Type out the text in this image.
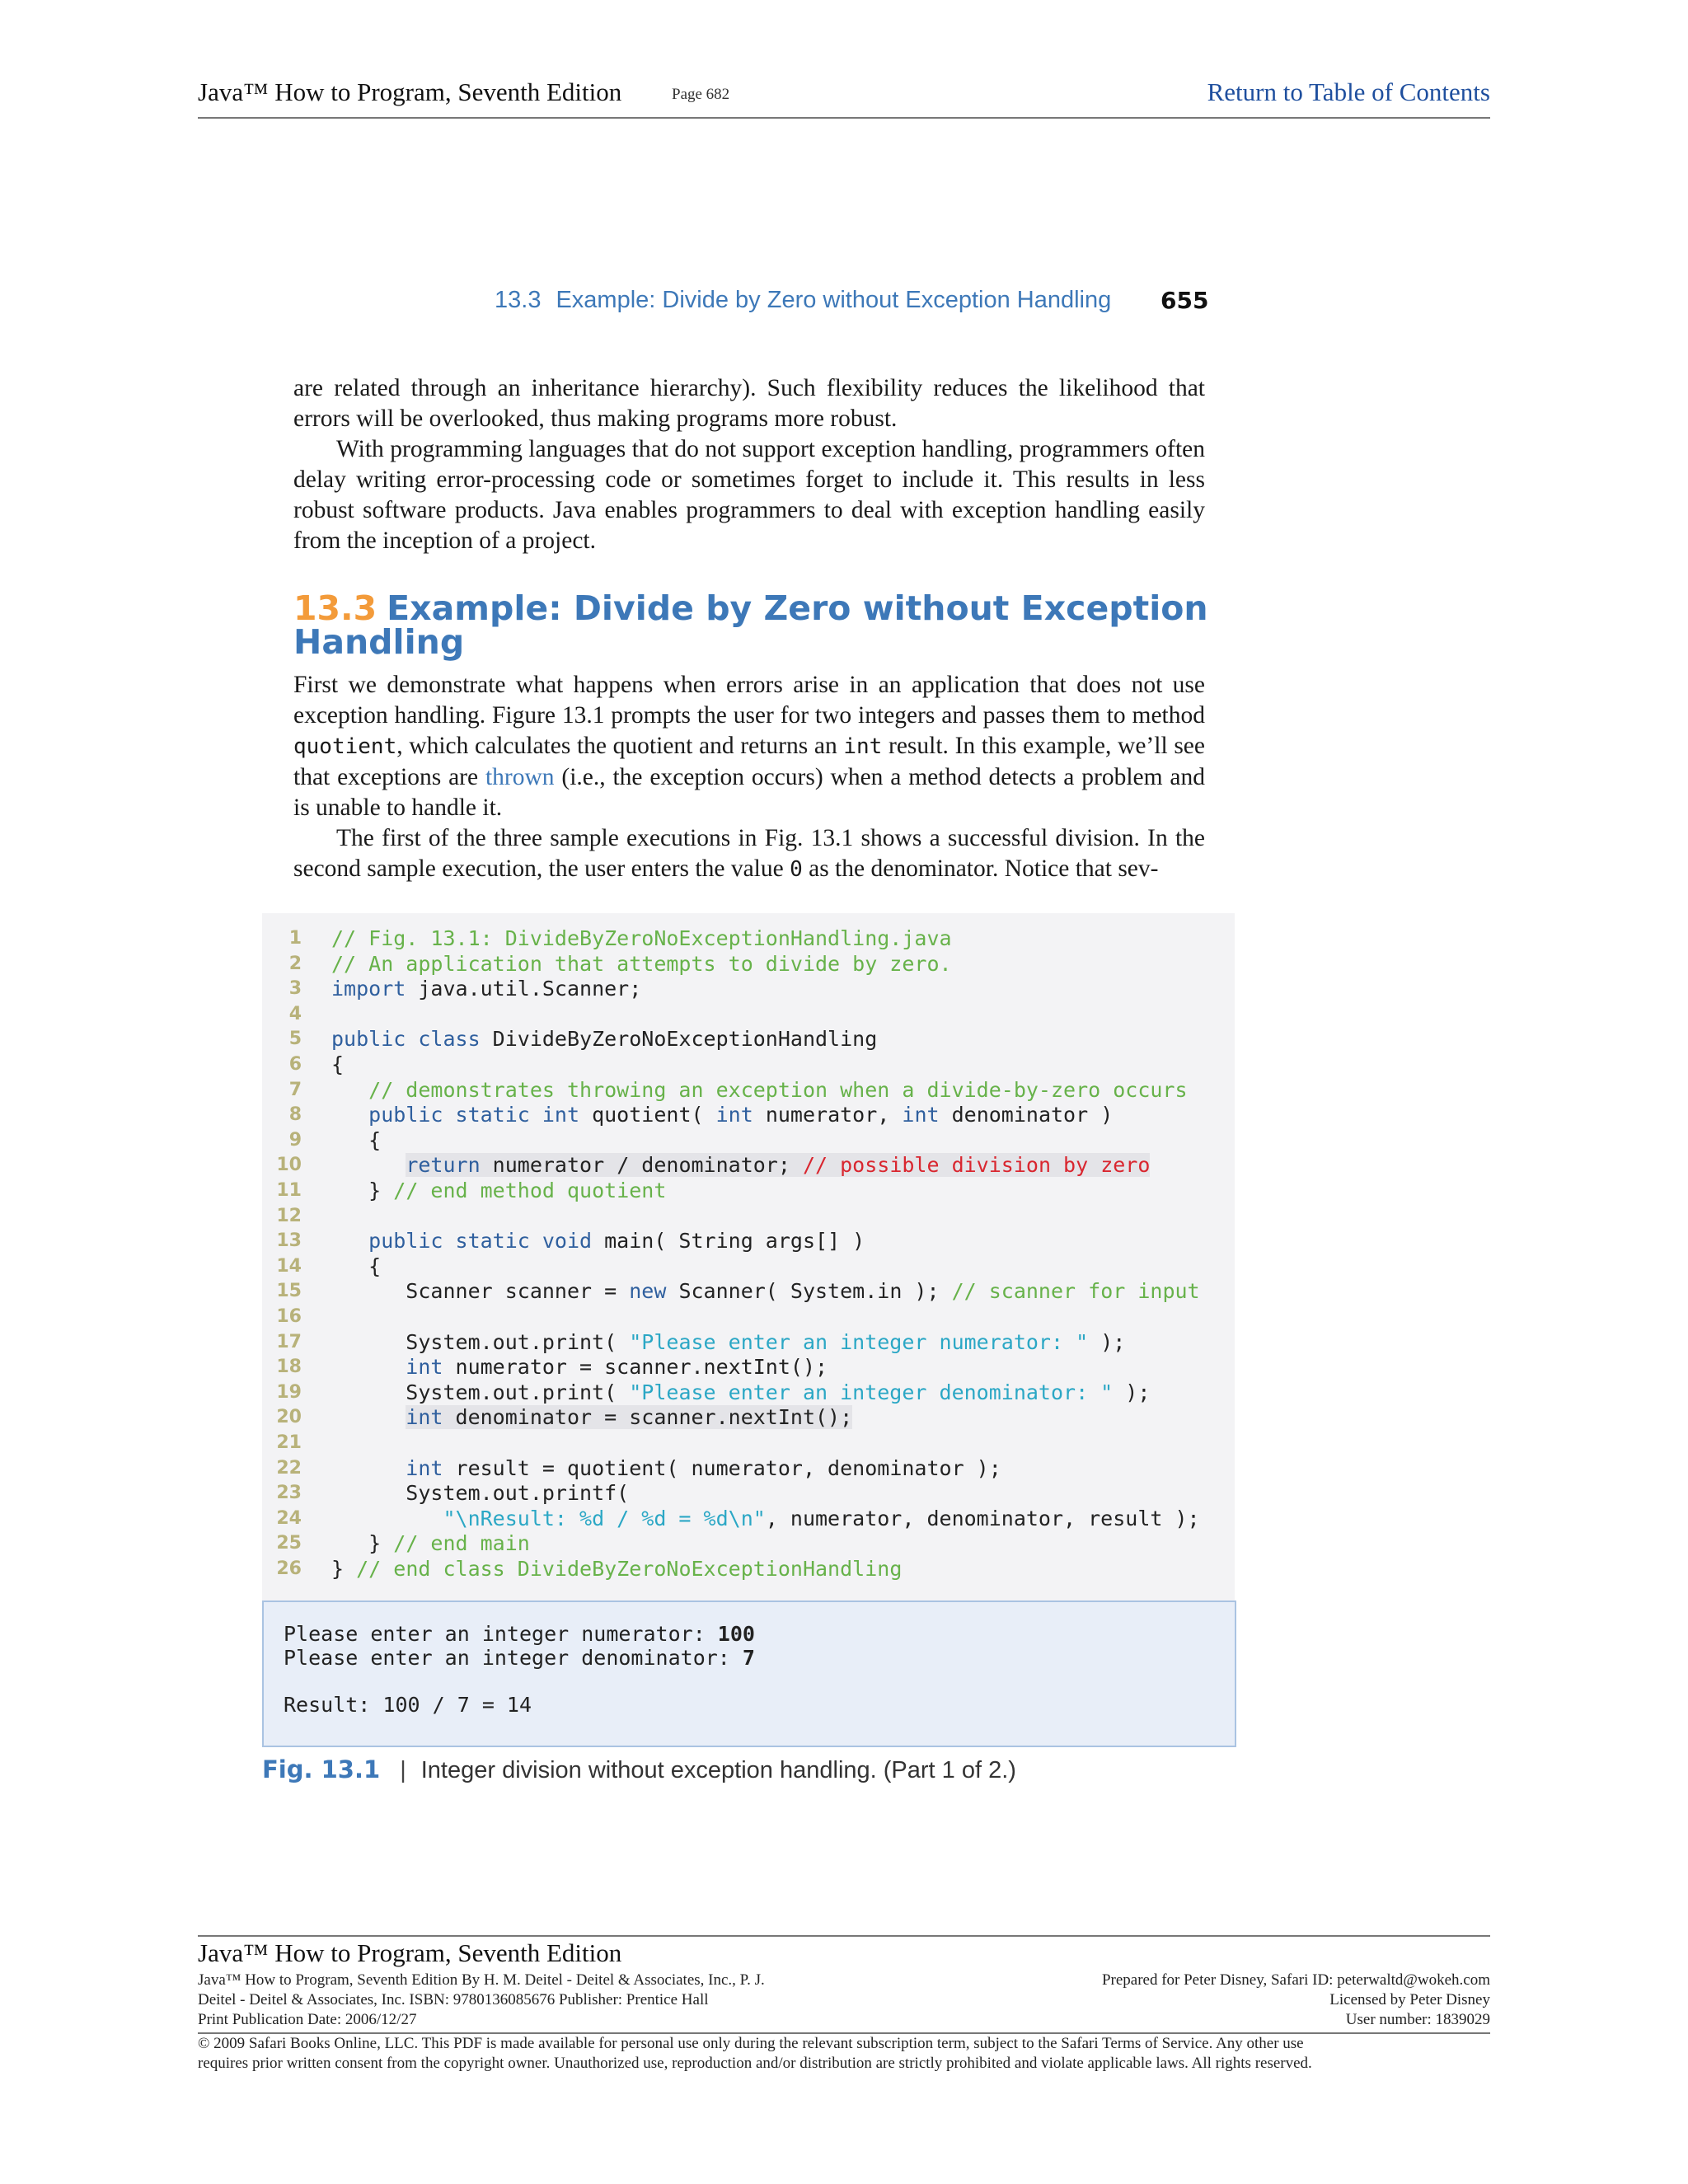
Java™ How to Program, Seventh Edition	Page 682	Return to Table of Contents
13.3 Example: Divide by Zero without Exception Handling 655

are related through an inheritance hierarchy). Such flexibility reduces the likelihood that errors will be overlooked, thus making programs more robust.

With programming languages that do not support exception handling, programmers often delay writing error-processing code or sometimes forget to include it. This results in less robust software products. Java enables programmers to deal with exception handling easily from the inception of a project.

13.3 Example: Divide by Zero without Exception Handling

First we demonstrate what happens when errors arise in an application that does not use exception handling. Figure 13.1 prompts the user for two integers and passes them to method quotient, which calculates the quotient and returns an int result. In this example, we’ll see that exceptions are thrown (i.e., the exception occurs) when a method detects a problem and is unable to handle it.

The first of the three sample executions in Fig. 13.1 shows a successful division. In the second sample execution, the user enters the value 0 as the denominator. Notice that sev-

1 // Fig. 13.1: DivideByZeroNoExceptionHandling.java
2 // An application that attempts to divide by zero.
3 import java.util.Scanner;
4
5 public class DivideByZeroNoExceptionHandling
6 {
7 // demonstrates throwing an exception when a divide-by-zero occurs
8 public static int quotient( int numerator, int denominator )
9 {
10	return numerator / denominator; // possible division by zero
11 } // end method quotient
12
13 public static void main( String args[] )
14 {
15 Scanner scanner = new Scanner( System.in ); // scanner for input
16
17 System.out.print( "Please enter an integer numerator: " );
18 int numerator = scanner.nextInt();
19 System.out.print( "Please enter an integer denominator: " );
20	int denominator = scanner.nextInt();
21
22 int result = quotient( numerator, denominator );
23 System.out.printf(
24 "\nResult: %d / %d = %d\n", numerator, denominator, result );
25 } // end main
26 } // end class DivideByZeroNoExceptionHandling
Please enter an integer numerator: 100
Please enter an integer denominator: 7
Result: 100 / 7 = 14
Fig. 13.1 | Integer division without exception handling. (Part 1 of 2.)
Java™ How to Program, Seventh Edition
Java™ How to Program, Seventh Edition By H. M. Deitel - Deitel & Associates, Inc., P. J.
Deitel - Deitel & Associates, Inc. ISBN: 9780136085676 Publisher: Prentice Hall
Print Publication Date: 2006/12/27
Prepared for Peter Disney, Safari ID: peterwaltd@wokeh.com
Licensed by Peter Disney
User number: 1839029
© 2009 Safari Books Online, LLC. This PDF is made available for personal use only during the relevant subscription term, subject to the Safari Terms of Service. Any other use
requires prior written consent from the copyright owner. Unauthorized use, reproduction and/or distribution are strictly prohibited and violate applicable laws. All rights reserved.
